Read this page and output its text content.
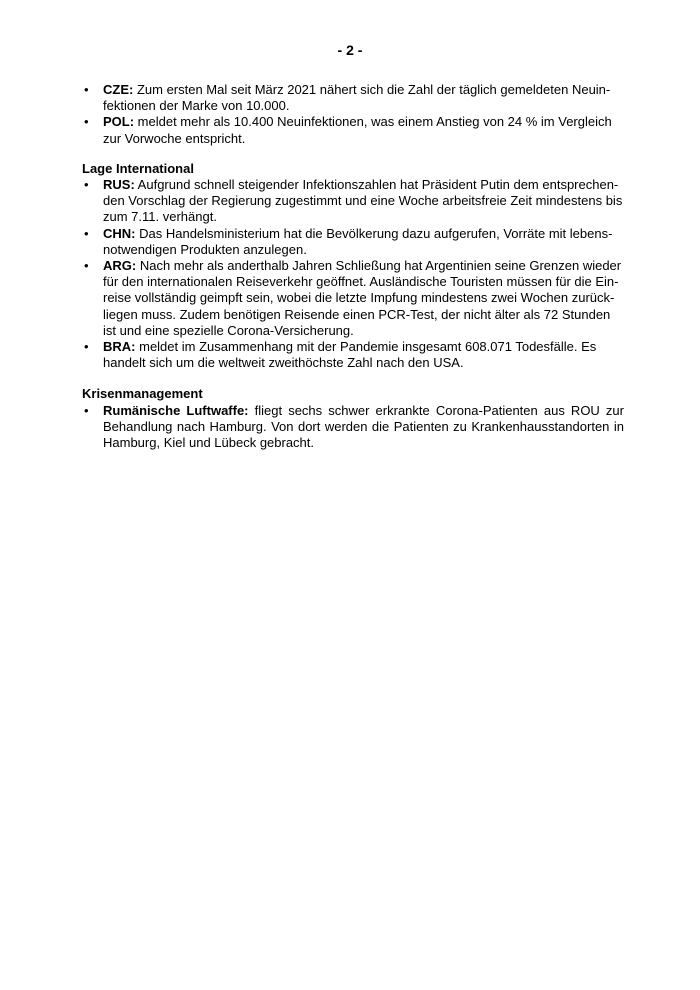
- 2 -
•	CZE: Zum ersten Mal seit März 2021 nähert sich die Zahl der täglich gemeldeten Neuin-fektionen der Marke von 10.000.
•	POL: meldet mehr als 10.400 Neuinfektionen, was einem Anstieg von 24 % im Vergleich zur Vorwoche entspricht.
Lage International
•	RUS: Aufgrund schnell steigender Infektionszahlen hat Präsident Putin dem entsprechen-den Vorschlag der Regierung zugestimmt und eine Woche arbeitsfreie Zeit mindestens bis zum 7.11. verhängt.
•	CHN: Das Handelsministerium hat die Bevölkerung dazu aufgerufen, Vorräte mit lebens-notwendigen Produkten anzulegen.
•	ARG: Nach mehr als anderthalb Jahren Schließung hat Argentinien seine Grenzen wieder für den internationalen Reiseverkehr geöffnet. Ausländische Touristen müssen für die Ein-reise vollständig geimpft sein, wobei die letzte Impfung mindestens zwei Wochen zurück-liegen muss. Zudem benötigen Reisende einen PCR-Test, der nicht älter als 72 Stunden ist und eine spezielle Corona-Versicherung.
•	BRA: meldet im Zusammenhang mit der Pandemie insgesamt 608.071 Todesfälle. Es handelt sich um die weltweit zweithöchste Zahl nach den USA.
Krisenmanagement
•	Rumänische Luftwaffe: fliegt sechs schwer erkrankte Corona-Patienten aus ROU zur Behandlung nach Hamburg. Von dort werden die Patienten zu Krankenhausstandorten in Hamburg, Kiel und Lübeck gebracht.
